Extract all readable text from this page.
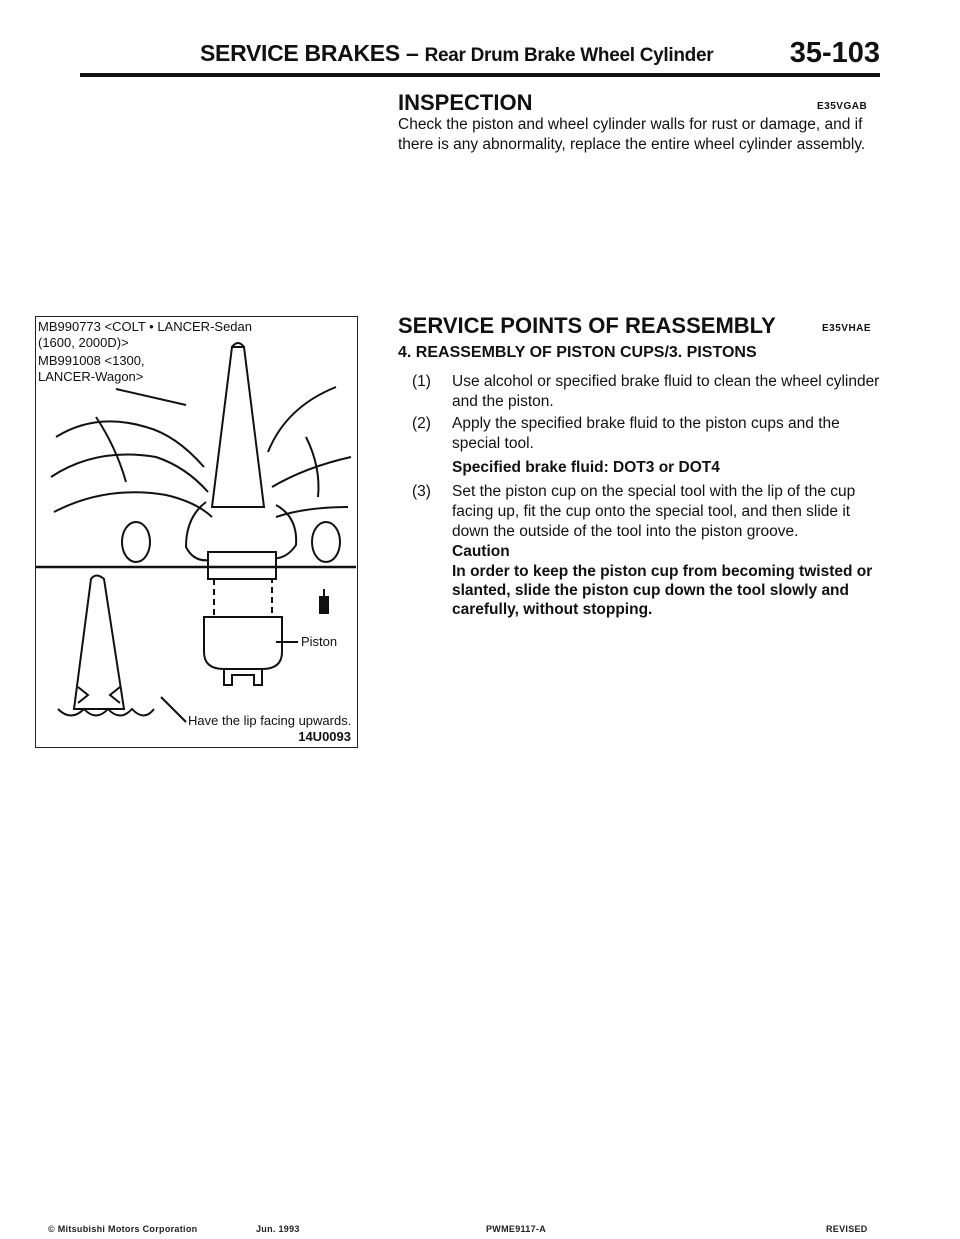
SERVICE BRAKES – Rear Drum Brake Wheel Cylinder	35-103
INSPECTION	E35VGAB
Check the piston and wheel cylinder walls for rust or damage, and if there is any abnormality, replace the entire wheel cylinder assembly.
MB990773 <COLT • LANCER-Sedan
(1600, 2000D)>
MB991008 <1300,
LANCER-Wagon>
Piston
Have the lip facing upwards.
14U0093
SERVICE POINTS OF REASSEMBLY	E35VHAE
4. REASSEMBLY OF PISTON CUPS/3. PISTONS
(1) Use alcohol or specified brake fluid to clean the wheel cylinder and the piston.
(2) Apply the specified brake fluid to the piston cups and the special tool.
Specified brake fluid: DOT3 or DOT4
(3) Set the piston cup on the special tool with the lip of the cup facing up, fit the cup onto the special tool, and then slide it down the outside of the tool into the piston groove.
Caution
In order to keep the piston cup from becoming twisted or slanted, slide the piston cup down the tool slowly and carefully, without stopping.
© Mitsubishi Motors Corporation	Jun. 1993	PWME9117-A	REVISED
